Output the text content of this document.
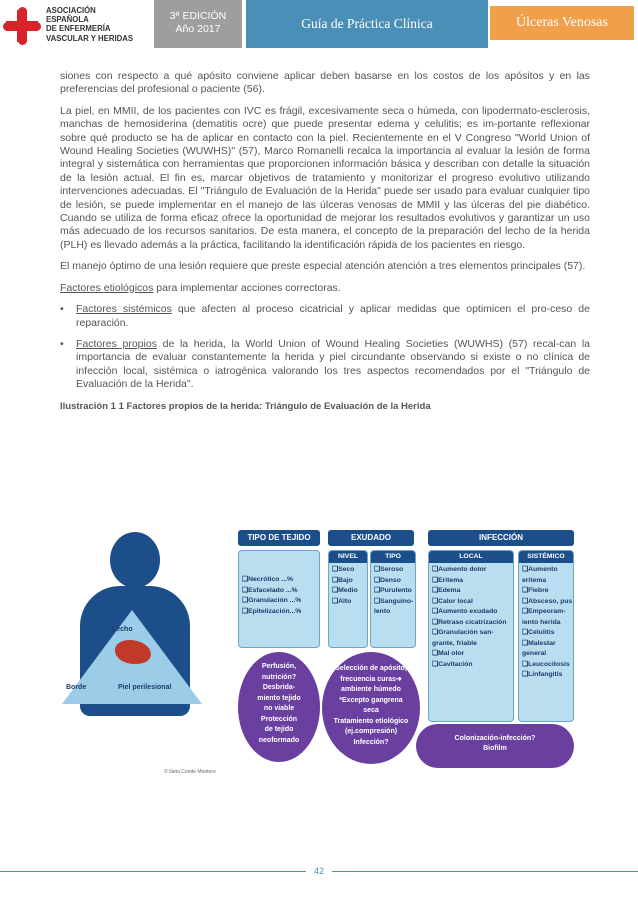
ASOCIACIÓN
ESPAÑOLA
DE ENFERMERÍA
VASCULAR Y HERIDAS
3ª EDICIÓN
Año 2017	Guía de Práctica Clínica	Úlceras Venosas

siones con respecto a qué apósito conviene aplicar deben basarse en los costos de los apósitos y en las preferencias del profesional o paciente (56).

La piel, en MMII, de los pacientes con IVC es frágil, excesivamente seca o húmeda, con lipodermato-esclerosis, manchas de hemosiderina (dematitis ocre) que puede presentar edema y celulitis; es im-portante reflexionar sobre qué producto se ha de aplicar en contacto con la piel. Recientemente en el V Congreso "World Union of Wound Healing Societies (WUWHS)" (57), Marco Romanelli recalca la importancia al evaluar la lesión de forma integral y sistemática con herramientas que proporcionen información básica y describan con detalle la situación de la lesión actual. El fin es, marcar objetivos de tratamiento y monitorizar el progreso evolutivo utilizando intervenciones adecuadas. El "Triángulo de Evaluación de la Herida" puede ser usado para evaluar cualquier tipo de lesión, se puede implementar en el manejo de las úlceras venosas de MMII y las úlceras del pie diabético. Cuando se utiliza de forma eficaz ofrece la oportunidad de mejorar los resultados evolutivos y garantizar un uso más adecuado de los recursos sanitarios. De esta manera, el concepto de la preparación del lecho de la herida (PLH) es llevado además a la práctica, facilitando la identificación rápida de los pacientes en riesgo.

El manejo óptimo de una lesión requiere que preste especial atención atención a tres elementos principales (57).

Factores etiológicos para implementar acciones correctoras.

• Factores sistémicos que afecten al proceso cicatricial y aplicar medidas que optimicen el pro-ceso de reparación.
• Factores propios de la herida, la World Union of Wound Healing Societies (WUWHS) (57) recal-can la importancia de evaluar constantemente la herida y piel circundante observando si existe o no clínica de infección local, sistémica o iatrogénica valorando los tres aspectos recomendados por el "Triángulo de Evaluación de la Herida".
Ilustración 1 1 Factores propios de la herida: Triángulo de Evaluación de la Herida
Lecho
Borde	Piel perilesional
TIPO DE TEJIDO	EXUDADO	INFECCIÓN
❑Necrótico ...%
❑Esfacelado ...%
❑Granulación ...%
❑Epitelización...%
NIVEL
❑Seco
❑Bajo
❑Medio
❑Alto
TIPO
❑Seroso
❑Denso
❑Purulento
❑Sanguino-
lento
LOCAL
❑Aumento dolor
❑Eritema
❑Edema
❑Calor local
❑Aumento exudado
❑Retraso cicatrización
❑Granulación san-
grante, friable
❑Mal olor
❑Cavitación
SISTÉMICO
❑Aumento
eritema
❑Fiebre
❑Absceso, pus
❑Empeoram-
iento herida
❑Celulitis
❑Malestar
general
❑Leucocitosis
❑Linfangitis
Perfusión,
nutrición?
Desbrida-
miento tejido
no viable
Protección
de tejido
neoformado
Selección de apósito,
frecuencia curas➔
ambiente húmedo
*Excepto gangrena
seca
Tratamiento etiológico
(ej.compresión)
Infección?	Colonización-infección?
Biofilm
© Ilaria Conde Montero
42
